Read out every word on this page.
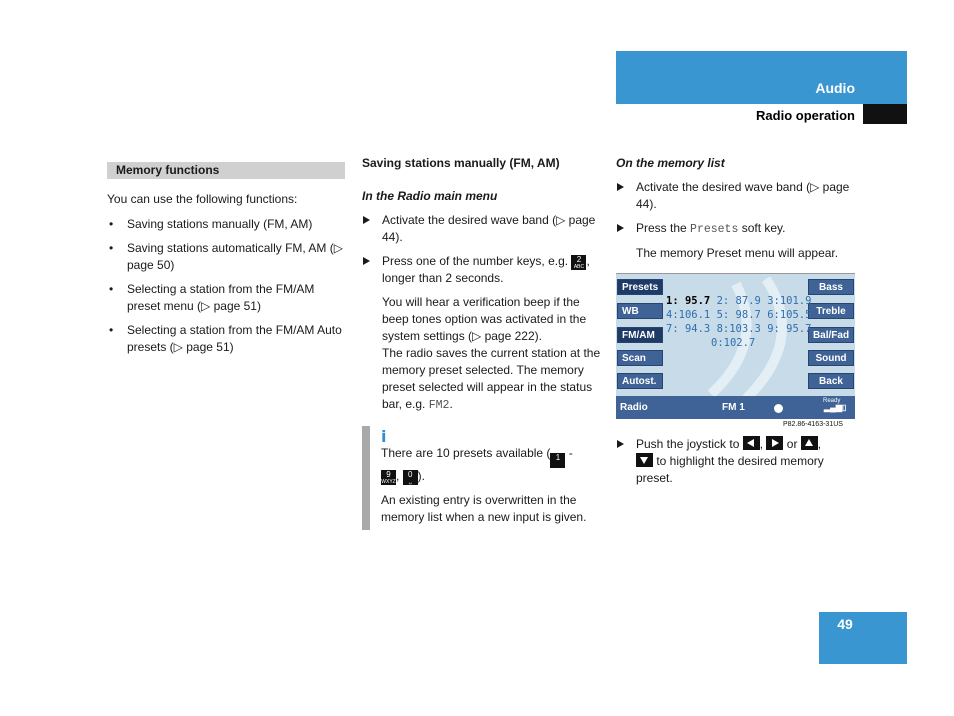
Audio
Radio operation
Memory functions

You can use the following functions:

• Saving stations manually (FM, AM)
• Saving stations automatically FM, AM (▷ page 50)
• Selecting a station from the FM/AM preset menu (▷ page 51)
• Selecting a station from the FM/AM Auto presets (▷ page 51)

Saving stations manually (FM, AM)

In the Radio main menu

Activate the desired wave band (▷ page 44).
Press one of the number keys, e.g. 2
ABC , longer than 2 seconds.

You will hear a verification beep if the beep tones option was activated in the system settings (▷ page 222).

The radio saves the current station at the memory preset selected. The memory preset selected will appear in the status bar, e.g. FM2.

i

There are 10 presets available ( 1 -
9
WXYZ , 0
␣ ).

An existing entry is overwritten in the memory list when a new input is given.

On the memory list

Activate the desired wave band (▷ page 44).
Press the Presets soft key.

The memory Preset menu will appear.

Presets
WB
FM/AM
Scan
Autost.
Bass
Treble
Bal/Fad
Sound
Back
1: 95.7 2: 87.9 3:101.9
4:106.1 5: 98.7 6:105.5
7: 94.3 8:103.3 9: 95.7
0:102.7
Radio	FM 1
Ready
▂▄▆▯
P82.86-4163-31US
Push the joystick to , or ,

to highlight the desired memory preset.
49
